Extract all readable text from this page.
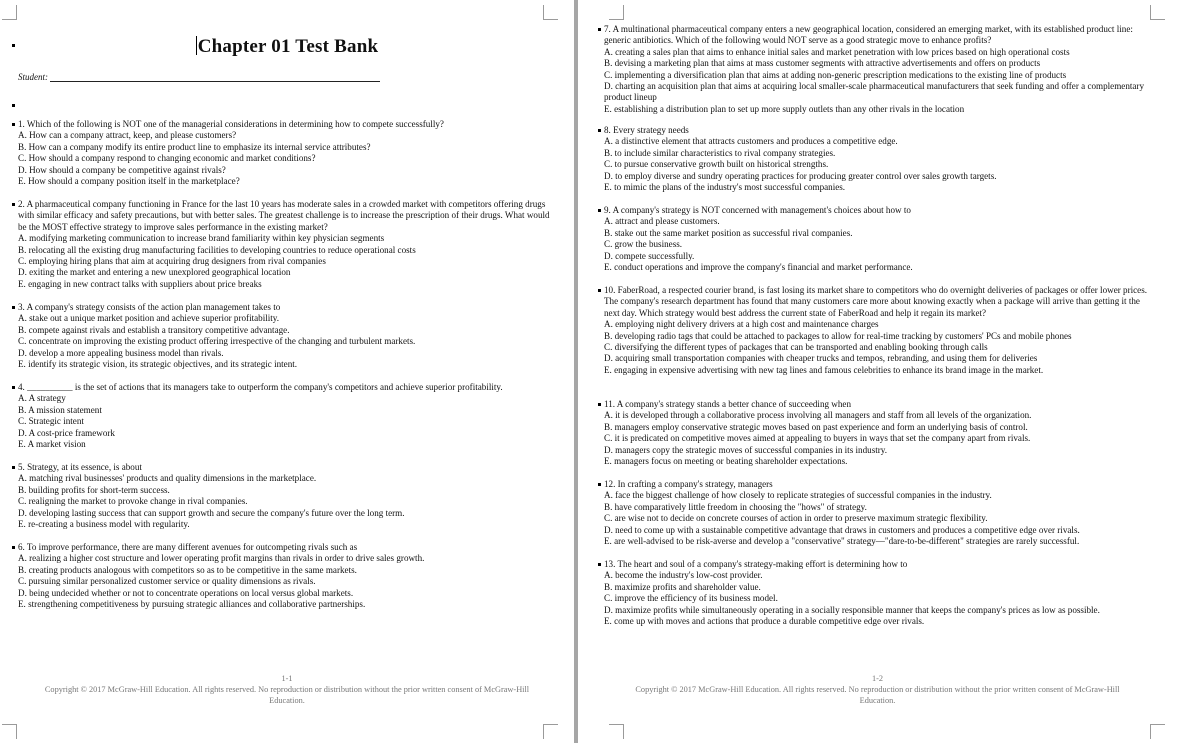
Chapter 01 Test Bank
Student:

1. Which of the following is NOT one of the managerial considerations in determining how to compete successfully?

A. How can a company attract, keep, and please customers?

B. How can a company modify its entire product line to emphasize its internal service attributes?

C. How should a company respond to changing economic and market conditions?

D. How should a company be competitive against rivals?

E. How should a company position itself in the marketplace?

2. A pharmaceutical company functioning in France for the last 10 years has moderate sales in a crowded market with competitors offering drugs with similar efficacy and safety precautions, but with better sales. The greatest challenge is to increase the prescription of their drugs. What would be the MOST effective strategy to improve sales performance in the existing market?

A. modifying marketing communication to increase brand familiarity within key physician segments

B. relocating all the existing drug manufacturing facilities to developing countries to reduce operational costs

C. employing hiring plans that aim at acquiring drug designers from rival companies

D. exiting the market and entering a new unexplored geographical location

E. engaging in new contract talks with suppliers about price breaks

3. A company's strategy consists of the action plan management takes to

A. stake out a unique market position and achieve superior profitability.

B. compete against rivals and establish a transitory competitive advantage.

C. concentrate on improving the existing product offering irrespective of the changing and turbulent markets.

D. develop a more appealing business model than rivals.

E. identify its strategic vision, its strategic objectives, and its strategic intent.

4. __________ is the set of actions that its managers take to outperform the company's competitors and achieve superior profitability.

A. A strategy

B. A mission statement

C. Strategic intent

D. A cost-price framework

E. A market vision

5. Strategy, at its essence, is about

A. matching rival businesses' products and quality dimensions in the marketplace.

B. building profits for short-term success.

C. realigning the market to provoke change in rival companies.

D. developing lasting success that can support growth and secure the company's future over the long term.

E. re-creating a business model with regularity.

6. To improve performance, there are many different avenues for outcompeting rivals such as

A. realizing a higher cost structure and lower operating profit margins than rivals in order to drive sales growth.

B. creating products analogous with competitors so as to be competitive in the same markets.

C. pursuing similar personalized customer service or quality dimensions as rivals.

D. being undecided whether or not to concentrate operations on local versus global markets.

E. strengthening competitiveness by pursuing strategic alliances and collaborative partnerships.

1-1
Copyright © 2017 McGraw-Hill Education. All rights reserved. No reproduction or distribution without the prior written consent of McGraw-Hill Education.

7. A multinational pharmaceutical company enters a new geographical location, considered an emerging market, with its established product line: generic antibiotics. Which of the following would NOT serve as a good strategic move to enhance profits?

A. creating a sales plan that aims to enhance initial sales and market penetration with low prices based on high operational costs

B. devising a marketing plan that aims at mass customer segments with attractive advertisements and offers on products

C. implementing a diversification plan that aims at adding non-generic prescription medications to the existing line of products

D. charting an acquisition plan that aims at acquiring local smaller-scale pharmaceutical manufacturers that seek funding and offer a complementary product lineup

E. establishing a distribution plan to set up more supply outlets than any other rivals in the location

8. Every strategy needs

A. a distinctive element that attracts customers and produces a competitive edge.

B. to include similar characteristics to rival company strategies.

C. to pursue conservative growth built on historical strengths.

D. to employ diverse and sundry operating practices for producing greater control over sales growth targets.

E. to mimic the plans of the industry's most successful companies.

9. A company's strategy is NOT concerned with management's choices about how to

A. attract and please customers.

B. stake out the same market position as successful rival companies.

C. grow the business.

D. compete successfully.

E. conduct operations and improve the company's financial and market performance.

10. FaberRoad, a respected courier brand, is fast losing its market share to competitors who do overnight deliveries of packages or offer lower prices. The company's research department has found that many customers care more about knowing exactly when a package will arrive than getting it the next day. Which strategy would best address the current state of FaberRoad and help it regain its market?

A. employing night delivery drivers at a high cost and maintenance charges

B. developing radio tags that could be attached to packages to allow for real-time tracking by customers' PCs and mobile phones

C. diversifying the different types of packages that can be transported and enabling booking through calls

D. acquiring small transportation companies with cheaper trucks and tempos, rebranding, and using them for deliveries

E. engaging in expensive advertising with new tag lines and famous celebrities to enhance its brand image in the market.

11. A company's strategy stands a better chance of succeeding when

A. it is developed through a collaborative process involving all managers and staff from all levels of the organization.

B. managers employ conservative strategic moves based on past experience and form an underlying basis of control.

C. it is predicated on competitive moves aimed at appealing to buyers in ways that set the company apart from rivals.

D. managers copy the strategic moves of successful companies in its industry.

E. managers focus on meeting or beating shareholder expectations.

12. In crafting a company's strategy, managers

A. face the biggest challenge of how closely to replicate strategies of successful companies in the industry.

B. have comparatively little freedom in choosing the "hows" of strategy.

C. are wise not to decide on concrete courses of action in order to preserve maximum strategic flexibility.

D. need to come up with a sustainable competitive advantage that draws in customers and produces a competitive edge over rivals.

E. are well-advised to be risk-averse and develop a "conservative" strategy—"dare-to-be-different" strategies are rarely successful.

13. The heart and soul of a company's strategy-making effort is determining how to

A. become the industry's low-cost provider.

B. maximize profits and shareholder value.

C. improve the efficiency of its business model.

D. maximize profits while simultaneously operating in a socially responsible manner that keeps the company's prices as low as possible.

E. come up with moves and actions that produce a durable competitive edge over rivals.

1-2
Copyright © 2017 McGraw-Hill Education. All rights reserved. No reproduction or distribution without the prior written consent of McGraw-Hill Education.
